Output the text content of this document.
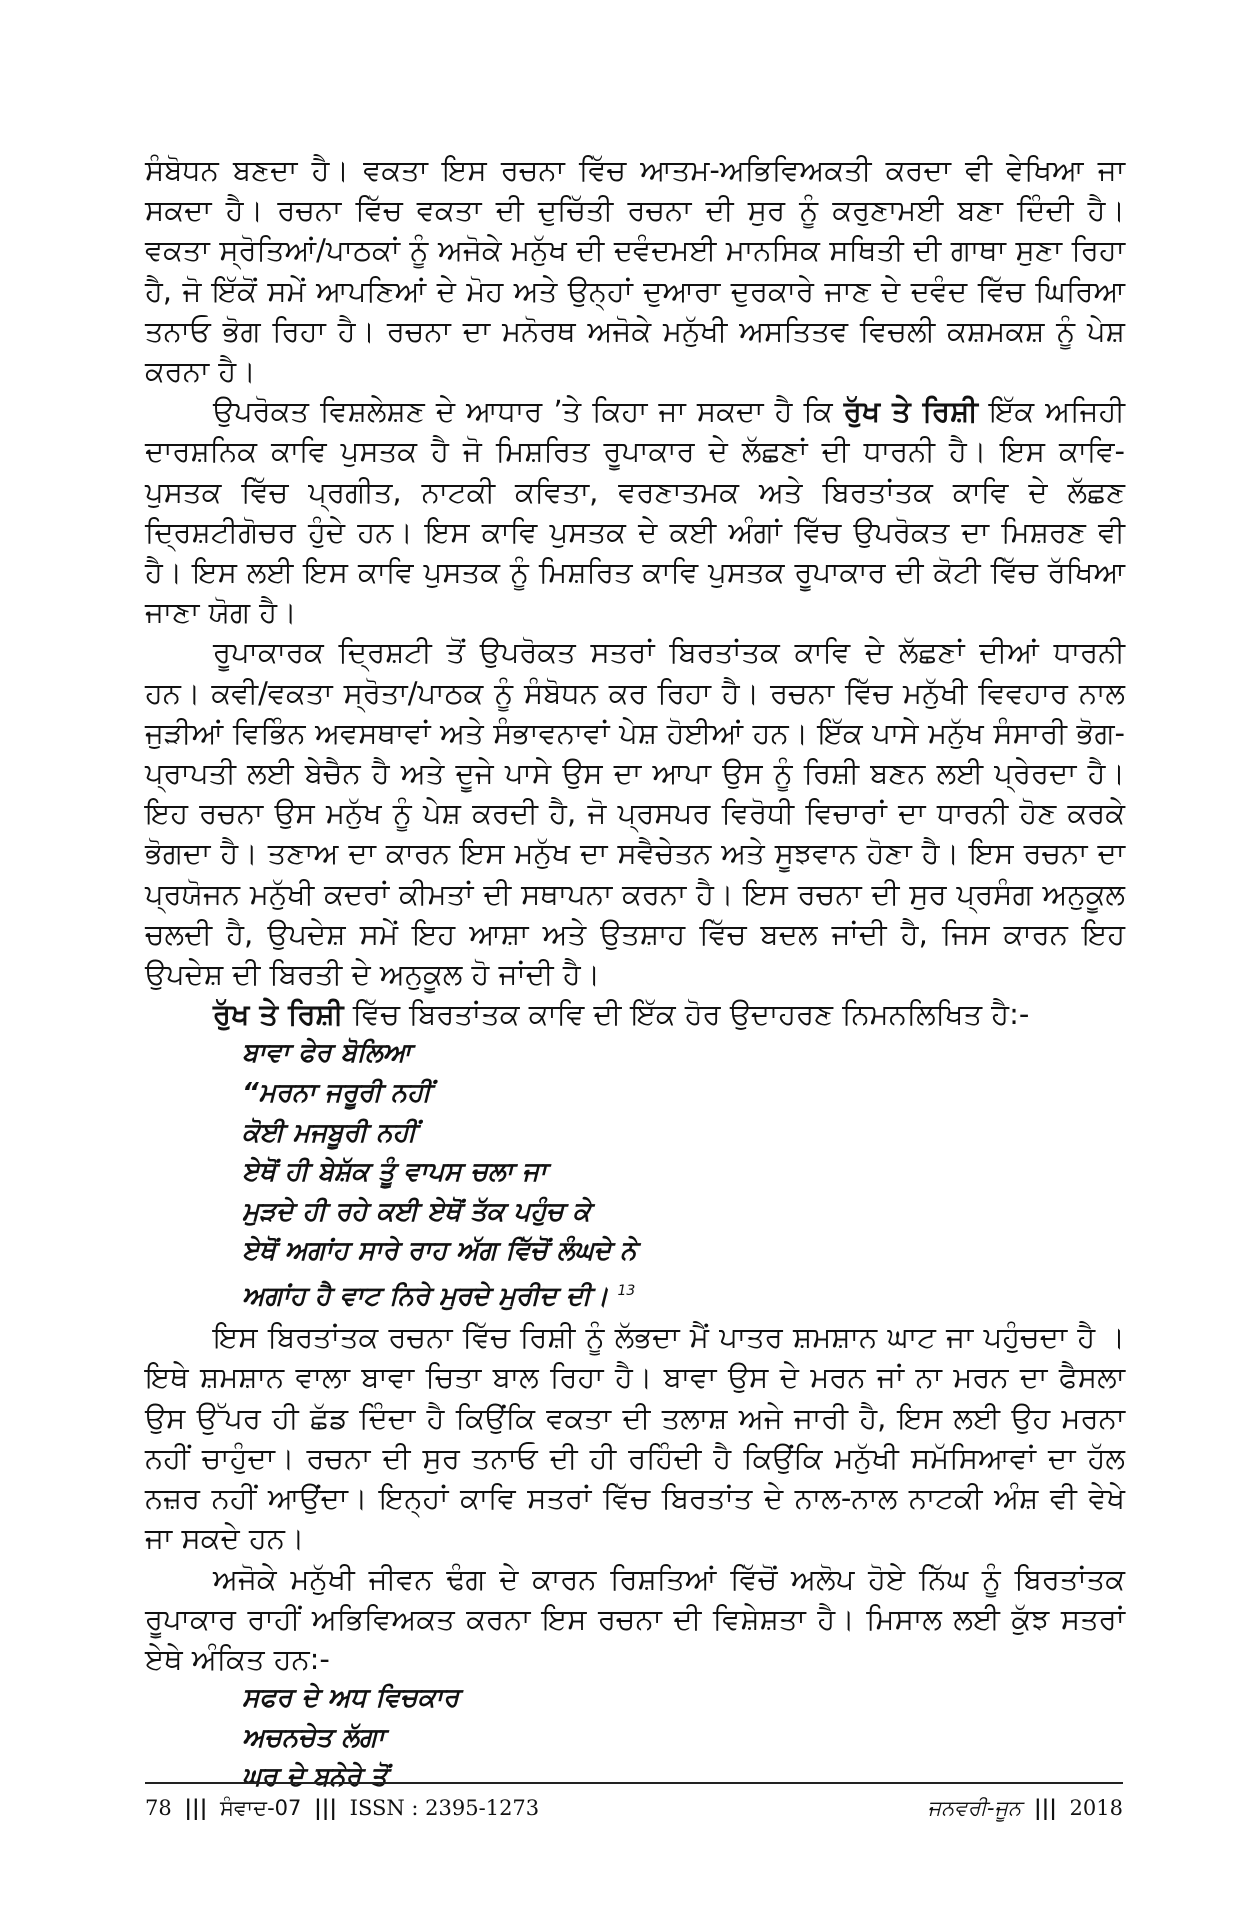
ਸੰਬੋਧਨ ਬਣਦਾ ਹੈ। ਵਕਤਾ ਇਸ ਰਚਨਾ ਵਿੱਚ ਆਤਮ-ਅਭਿਵਿਅਕਤੀ ਕਰਦਾ ਵੀ ਵੇਖਿਆ ਜਾ ਸਕਦਾ ਹੈ। ਰਚਨਾ ਵਿੱਚ ਵਕਤਾ ਦੀ ਦੁਚਿੱਤੀ ਰਚਨਾ ਦੀ ਸੁਰ ਨੂੰ ਕਰੁਣਾਮਈ ਬਣਾ ਦਿੰਦੀ ਹੈ। ਵਕਤਾ ਸ੍ਰੋਤਿਆਂ/ਪਾਠਕਾਂ ਨੂੰ ਅਜੋਕੇ ਮਨੁੱਖ ਦੀ ਦਵੰਦਮਈ ਮਾਨਸਿਕ ਸਥਿਤੀ ਦੀ ਗਾਥਾ ਸੁਣਾ ਰਿਹਾ ਹੈ, ਜੋ ਇੱਕੋਂ ਸਮੇਂ ਆਪਣਿਆਂ ਦੇ ਮੋਹ ਅਤੇ ਉਨ੍ਹਾਂ ਦੁਆਰਾ ਦੁਰਕਾਰੇ ਜਾਣ ਦੇ ਦਵੰਦ ਵਿੱਚ ਘਿਰਿਆ ਤਨਾਓ ਭੋਗ ਰਿਹਾ ਹੈ। ਰਚਨਾ ਦਾ ਮਨੋਰਥ ਅਜੋਕੇ ਮਨੁੱਖੀ ਅਸਤਿਤਵ ਵਿਚਲੀ ਕਸ਼ਮਕਸ਼ ਨੂੰ ਪੇਸ਼ ਕਰਨਾ ਹੈ।

ਉਪਰੋਕਤ ਵਿਸ਼ਲੇਸ਼ਣ ਦੇ ਆਧਾਰ ’ਤੇ ਕਿਹਾ ਜਾ ਸਕਦਾ ਹੈ ਕਿ ਰੁੱਖ ਤੇ ਰਿਸ਼ੀ ਇੱਕ ਅਜਿਹੀ ਦਾਰਸ਼ਨਿਕ ਕਾਵਿ ਪੁਸਤਕ ਹੈ ਜੋ ਮਿਸ਼ਰਿਤ ਰੂਪਾਕਾਰ ਦੇ ਲੱਛਣਾਂ ਦੀ ਧਾਰਨੀ ਹੈ। ਇਸ ਕਾਵਿ-ਪੁਸਤਕ ਵਿੱਚ ਪ੍ਰਗੀਤ, ਨਾਟਕੀ ਕਵਿਤਾ, ਵਰਣਾਤਮਕ ਅਤੇ ਬਿਰਤਾਂਤਕ ਕਾਵਿ ਦੇ ਲੱਛਣ ਦ੍ਰਿਸ਼ਟੀਗੋਚਰ ਹੁੰਦੇ ਹਨ। ਇਸ ਕਾਵਿ ਪੁਸਤਕ ਦੇ ਕਈ ਅੰਗਾਂ ਵਿੱਚ ਉਪਰੋਕਤ ਦਾ ਮਿਸ਼ਰਣ ਵੀ ਹੈ। ਇਸ ਲਈ ਇਸ ਕਾਵਿ ਪੁਸਤਕ ਨੂੰ ਮਿਸ਼ਰਿਤ ਕਾਵਿ ਪੁਸਤਕ ਰੂਪਾਕਾਰ ਦੀ ਕੋਟੀ ਵਿੱਚ ਰੱਖਿਆ ਜਾਣਾ ਯੋਗ ਹੈ।

ਰੂਪਾਕਾਰਕ ਦ੍ਰਿਸ਼ਟੀ ਤੋਂ ਉਪਰੋਕਤ ਸਤਰਾਂ ਬਿਰਤਾਂਤਕ ਕਾਵਿ ਦੇ ਲੱਛਣਾਂ ਦੀਆਂ ਧਾਰਨੀ ਹਨ। ਕਵੀ/ਵਕਤਾ ਸ੍ਰੋਤਾ/ਪਾਠਕ ਨੂੰ ਸੰਬੋਧਨ ਕਰ ਰਿਹਾ ਹੈ। ਰਚਨਾ ਵਿੱਚ ਮਨੁੱਖੀ ਵਿਵਹਾਰ ਨਾਲ ਜੁੜੀਆਂ ਵਿਭਿੰਨ ਅਵਸਥਾਵਾਂ ਅਤੇ ਸੰਭਾਵਨਾਵਾਂ ਪੇਸ਼ ਹੋਈਆਂ ਹਨ। ਇੱਕ ਪਾਸੇ ਮਨੁੱਖ ਸੰਸਾਰੀ ਭੋਗ-ਪ੍ਰਾਪਤੀ ਲਈ ਬੇਚੈਨ ਹੈ ਅਤੇ ਦੂਜੇ ਪਾਸੇ ਉਸ ਦਾ ਆਪਾ ਉਸ ਨੂੰ ਰਿਸ਼ੀ ਬਣਨ ਲਈ ਪ੍ਰੇਰਦਾ ਹੈ। ਇਹ ਰਚਨਾ ਉਸ ਮਨੁੱਖ ਨੂੰ ਪੇਸ਼ ਕਰਦੀ ਹੈ, ਜੋ ਪ੍ਰਸਪਰ ਵਿਰੋਧੀ ਵਿਚਾਰਾਂ ਦਾ ਧਾਰਨੀ ਹੋਣ ਕਰਕੇ ਭੋਗਦਾ ਹੈ। ਤਣਾਅ ਦਾ ਕਾਰਨ ਇਸ ਮਨੁੱਖ ਦਾ ਸਵੈਚੇਤਨ ਅਤੇ ਸੂਝਵਾਨ ਹੋਣਾ ਹੈ। ਇਸ ਰਚਨਾ ਦਾ ਪ੍ਰਯੋਜਨ ਮਨੁੱਖੀ ਕਦਰਾਂ ਕੀਮਤਾਂ ਦੀ ਸਥਾਪਨਾ ਕਰਨਾ ਹੈ। ਇਸ ਰਚਨਾ ਦੀ ਸੁਰ ਪ੍ਰਸੰਗ ਅਨੁਕੂਲ ਚਲਦੀ ਹੈ, ਉਪਦੇਸ਼ ਸਮੇਂ ਇਹ ਆਸ਼ਾ ਅਤੇ ਉਤਸ਼ਾਹ ਵਿੱਚ ਬਦਲ ਜਾਂਦੀ ਹੈ, ਜਿਸ ਕਾਰਨ ਇਹ ਉਪਦੇਸ਼ ਦੀ ਬਿਰਤੀ ਦੇ ਅਨੁਕੂਲ ਹੋ ਜਾਂਦੀ ਹੈ।

ਰੁੱਖ ਤੇ ਰਿਸ਼ੀ ਵਿੱਚ ਬਿਰਤਾਂਤਕ ਕਾਵਿ ਦੀ ਇੱਕ ਹੋਰ ਉਦਾਹਰਣ ਨਿਮਨਲਿਖਿਤ ਹੈ:-

ਬਾਵਾ ਫੇਰ ਬੋਲਿਆ
“ਮਰਨਾ ਜਰੂਰੀ ਨਹੀਂ
ਕੋਈ ਮਜਬੂਰੀ ਨਹੀਂ
ਏਥੋਂ ਹੀ ਬੇਸ਼ੱਕ ਤੂੰ ਵਾਪਸ ਚਲਾ ਜਾ
ਮੁੜਦੇ ਹੀ ਰਹੇ ਕਈ ਏਥੋਂ ਤੱਕ ਪਹੁੰਚ ਕੇ
ਏਥੋਂ ਅਗਾਂਹ ਸਾਰੇ ਰਾਹ ਅੱਗ ਵਿੱਚੋਂ ਲੰਘਦੇ ਨੇ
ਅਗਾਂਹ ਹੈ ਵਾਟ ਨਿਰੇ ਮੁਰਦੇ ਮੁਰੀਦ ਦੀ। $^{13}$

ਇਸ ਬਿਰਤਾਂਤਕ ਰਚਨਾ ਵਿੱਚ ਰਿਸ਼ੀ ਨੂੰ ਲੱਭਦਾ ਮੈਂ ਪਾਤਰ ਸ਼ਮਸ਼ਾਨ ਘਾਟ ਜਾ ਪਹੁੰਚਦਾ ਹੈ । ਇਥੇ ਸ਼ਮਸ਼ਾਨ ਵਾਲਾ ਬਾਵਾ ਚਿਤਾ ਬਾਲ ਰਿਹਾ ਹੈ। ਬਾਵਾ ਉਸ ਦੇ ਮਰਨ ਜਾਂ ਨਾ ਮਰਨ ਦਾ ਫੈਸਲਾ ਉਸ ਉੱਪਰ ਹੀ ਛੱਡ ਦਿੰਦਾ ਹੈ ਕਿਉਂਕਿ ਵਕਤਾ ਦੀ ਤਲਾਸ਼ ਅਜੇ ਜਾਰੀ ਹੈ, ਇਸ ਲਈ ਉਹ ਮਰਨਾ ਨਹੀਂ ਚਾਹੁੰਦਾ। ਰਚਨਾ ਦੀ ਸੁਰ ਤਨਾਓ ਦੀ ਹੀ ਰਹਿੰਦੀ ਹੈ ਕਿਉਂਕਿ ਮਨੁੱਖੀ ਸਮੱਸਿਆਵਾਂ ਦਾ ਹੱਲ ਨਜ਼ਰ ਨਹੀਂ ਆਉਂਦਾ। ਇਨ੍ਹਾਂ ਕਾਵਿ ਸਤਰਾਂ ਵਿੱਚ ਬਿਰਤਾਂਤ ਦੇ ਨਾਲ-ਨਾਲ ਨਾਟਕੀ ਅੰਸ਼ ਵੀ ਵੇਖੇ ਜਾ ਸਕਦੇ ਹਨ।

ਅਜੋਕੇ ਮਨੁੱਖੀ ਜੀਵਨ ਢੰਗ ਦੇ ਕਾਰਨ ਰਿਸ਼ਤਿਆਂ ਵਿੱਚੋਂ ਅਲੋਪ ਹੋਏ ਨਿੱਘ ਨੂੰ ਬਿਰਤਾਂਤਕ ਰੂਪਾਕਾਰ ਰਾਹੀਂ ਅਭਿਵਿਅਕਤ ਕਰਨਾ ਇਸ ਰਚਨਾ ਦੀ ਵਿਸ਼ੇਸ਼ਤਾ ਹੈ। ਮਿਸਾਲ ਲਈ ਕੁੱਝ ਸਤਰਾਂ ਏਥੇ ਅੰਕਿਤ ਹਨ:-

ਸਫਰ ਦੇ ਅਧ ਵਿਚਕਾਰ
ਅਚਨਚੇਤ ਲੱਗਾ
ਘਰ ਦੇ ਬਨੇਰੇ ਤੋਂ
78 ||| ਸੰਵਾਦ-07 ||| ISSN : 2395-1273	ਜਨਵਰੀ-ਜੂਨ ||| 2018
